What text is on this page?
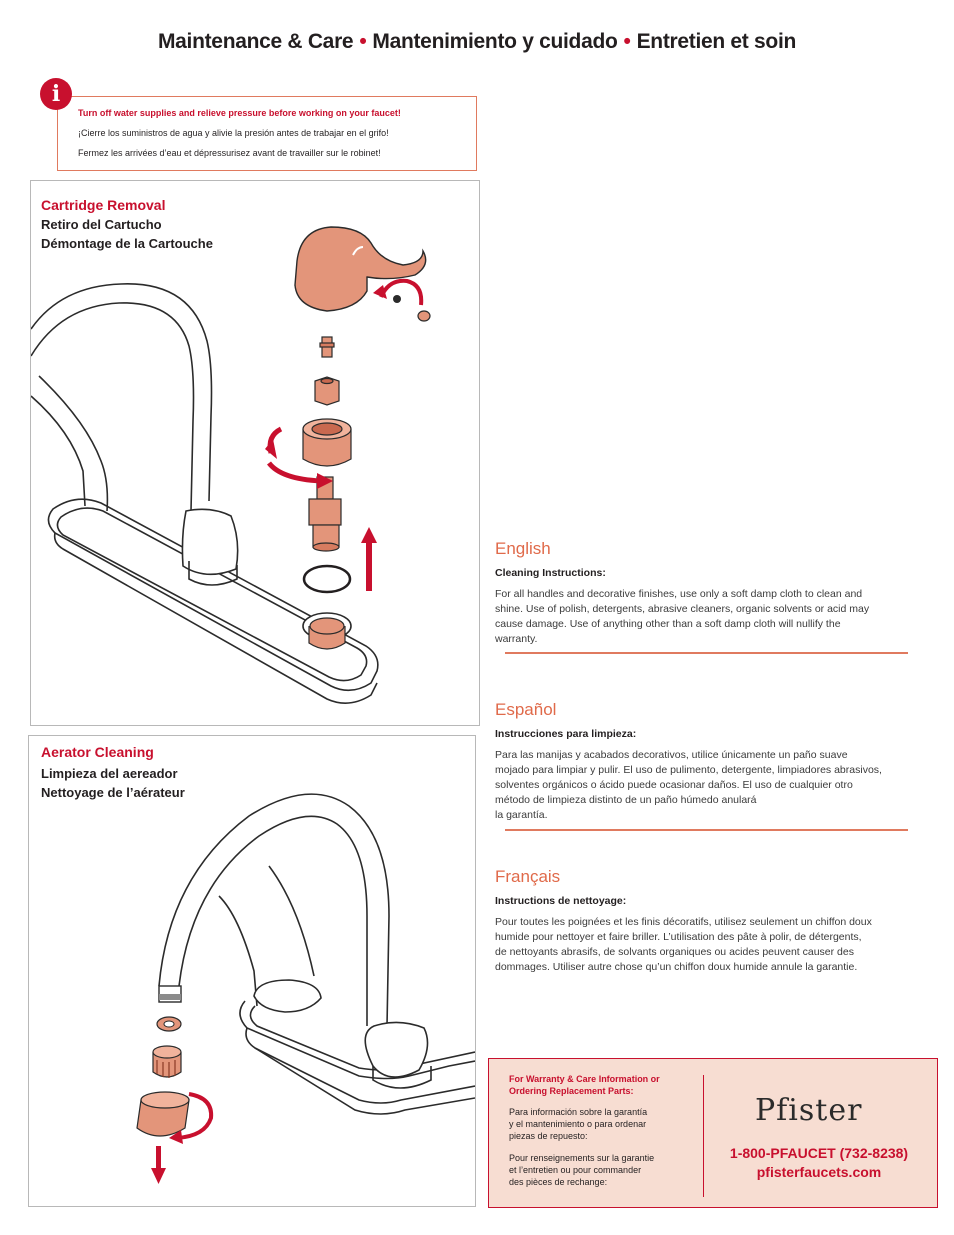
Maintenance & Care • Mantenimiento y cuidado • Entretien et soin

Turn off water supplies and relieve pressure before working on your faucet!

¡Cierre los suministros de agua y alivie la presión antes de trabajar en el grifo!

Fermez les arrivées d’eau et dépressurisez avant de travailler sur le robinet!

i
Cartridge Removal
Retiro del Cartucho
Démontage de la Cartouche
Aerator Cleaning
Limpieza del aereador
Nettoyage de l’aérateur
English
Cleaning Instructions:
For all handles and decorative finishes, use only a soft damp cloth to clean and
shine. Use of polish, detergents, abrasive cleaners, organic solvents or acid may
cause damage. Use of anything other than a soft damp cloth will nullify the
warranty.
Español
Instrucciones para limpieza:
Para las manijas y acabados decorativos, utilice únicamente un paño suave
mojado para limpiar y pulir. El uso de pulimento, detergente, limpiadores abrasivos,
solventes orgánicos o ácido puede ocasionar daños. El uso de cualquier otro
método de limpieza distinto de un paño húmedo anulará
la garantía.
Français
Instructions de nettoyage:
Pour toutes les poignées et les finis décoratifs, utilisez seulement un chiffon doux
humide pour nettoyer et faire briller. L’utilisation des pâte à polir, de détergents,
de nettoyants abrasifs, de solvants organiques ou acides peuvent causer des
dommages. Utiliser autre chose qu’un chiffon doux humide annule la garantie.
For Warranty & Care Information or Ordering Replacement Parts:
Para información sobre la garantía
y el mantenimiento o para ordenar
piezas de repuesto:
Pour renseignements sur la garantie
et l’entretien ou pour commander
des pièces de rechange:
Pfister
1-800-PFAUCET (732-8238)
pfisterfaucets.com
